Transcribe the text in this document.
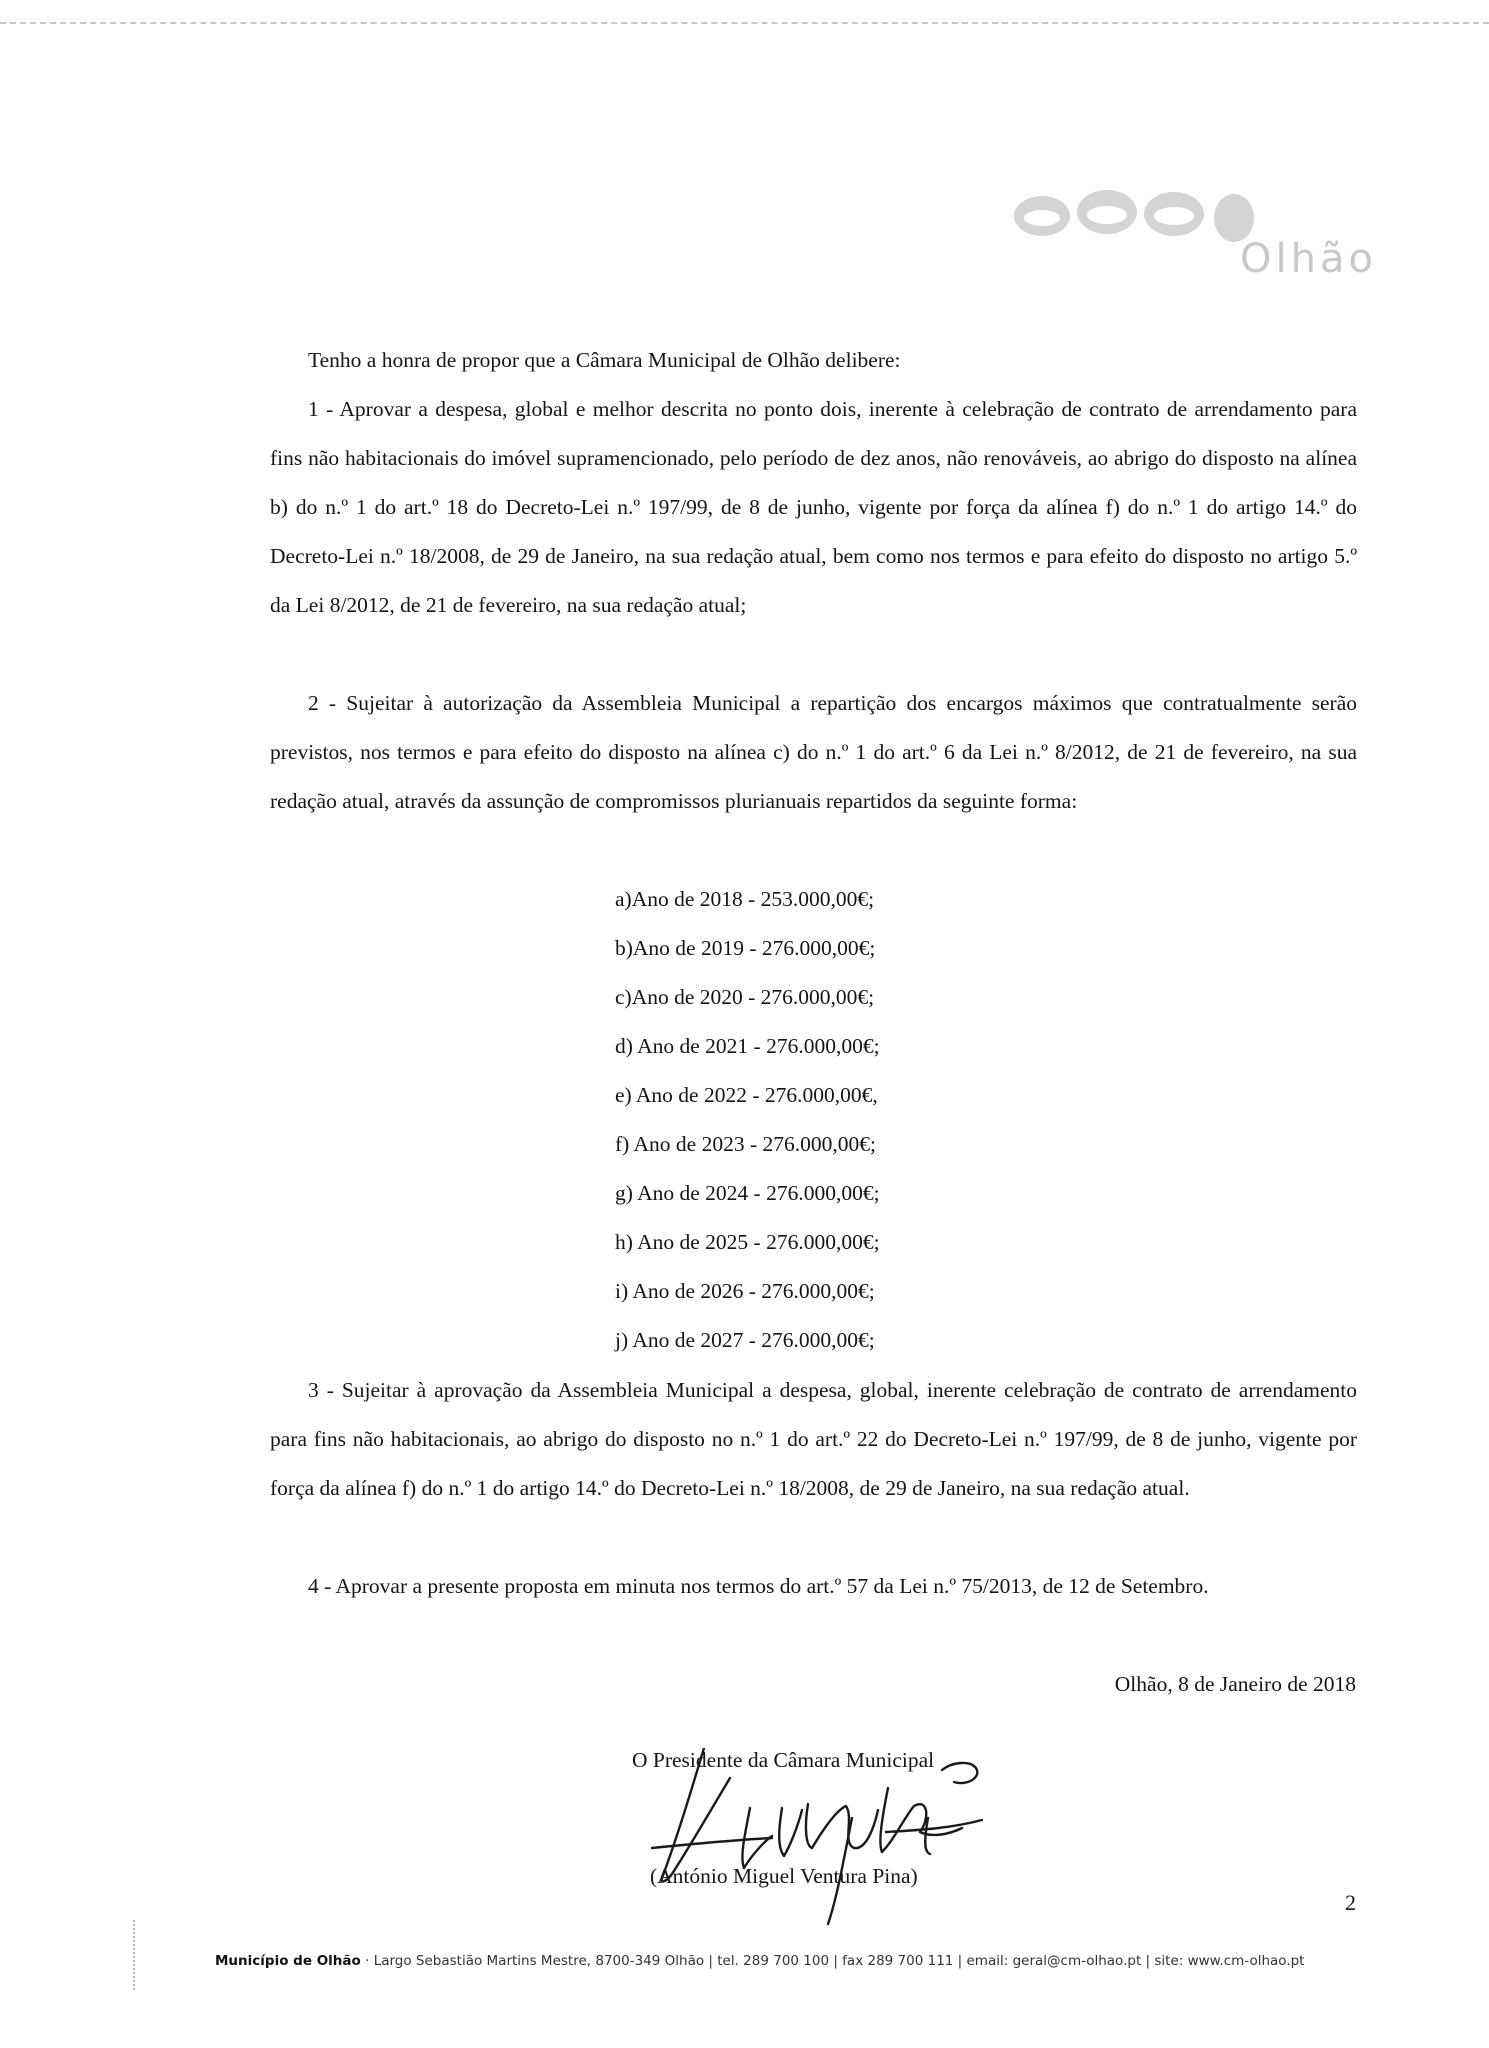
Olhão
Tenho a honra de propor que a Câmara Municipal de Olhão delibere:

1 - Aprovar a despesa, global e melhor descrita no ponto dois, inerente à celebração de contrato de arrendamento para fins não habitacionais do imóvel supramencionado, pelo período de dez anos, não renováveis, ao abrigo do disposto na alínea b) do n.º 1 do art.º 18 do Decreto-Lei n.º 197/99, de 8 de junho, vigente por força da alínea f) do n.º 1 do artigo 14.º do Decreto-Lei n.º 18/2008, de 29 de Janeiro, na sua redação atual, bem como nos termos e para efeito do disposto no artigo 5.º da Lei 8/2012, de 21 de fevereiro, na sua redação atual;

2 - Sujeitar à autorização da Assembleia Municipal a repartição dos encargos máximos que contratualmente serão previstos, nos termos e para efeito do disposto na alínea c) do n.º 1 do art.º 6 da Lei n.º 8/2012, de 21 de fevereiro, na sua redação atual, através da assunção de compromissos plurianuais repartidos da seguinte forma:

a)Ano de 2018 - 253.000,00€;
b)Ano de 2019 - 276.000,00€;
c)Ano de 2020 - 276.000,00€;
d) Ano de 2021 - 276.000,00€;
e) Ano de 2022 - 276.000,00€,
f) Ano de 2023 - 276.000,00€;
g) Ano de 2024 - 276.000,00€;
h) Ano de 2025 - 276.000,00€;
i) Ano de 2026 - 276.000,00€;
j) Ano de 2027 - 276.000,00€;

3 - Sujeitar à aprovação da Assembleia Municipal a despesa, global, inerente celebração de contrato de arrendamento para fins não habitacionais, ao abrigo do disposto no n.º 1 do art.º 22 do Decreto-Lei n.º 197/99, de 8 de junho, vigente por força da alínea f) do n.º 1 do artigo 14.º do Decreto-Lei n.º 18/2008, de 29 de Janeiro, na sua redação atual.

4 - Aprovar a presente proposta em minuta nos termos do art.º 57 da Lei n.º 75/2013, de 12 de Setembro.

Olhão, 8 de Janeiro de 2018
O Presidente da Câmara Municipal
(António Miguel Ventura Pina)
2
Município de Olhão · Largo Sebastião Martins Mestre, 8700-349 Olhão | tel. 289 700 100 | fax 289 700 111 | email: geral@cm-olhao.pt | site: www.cm-olhao.pt
